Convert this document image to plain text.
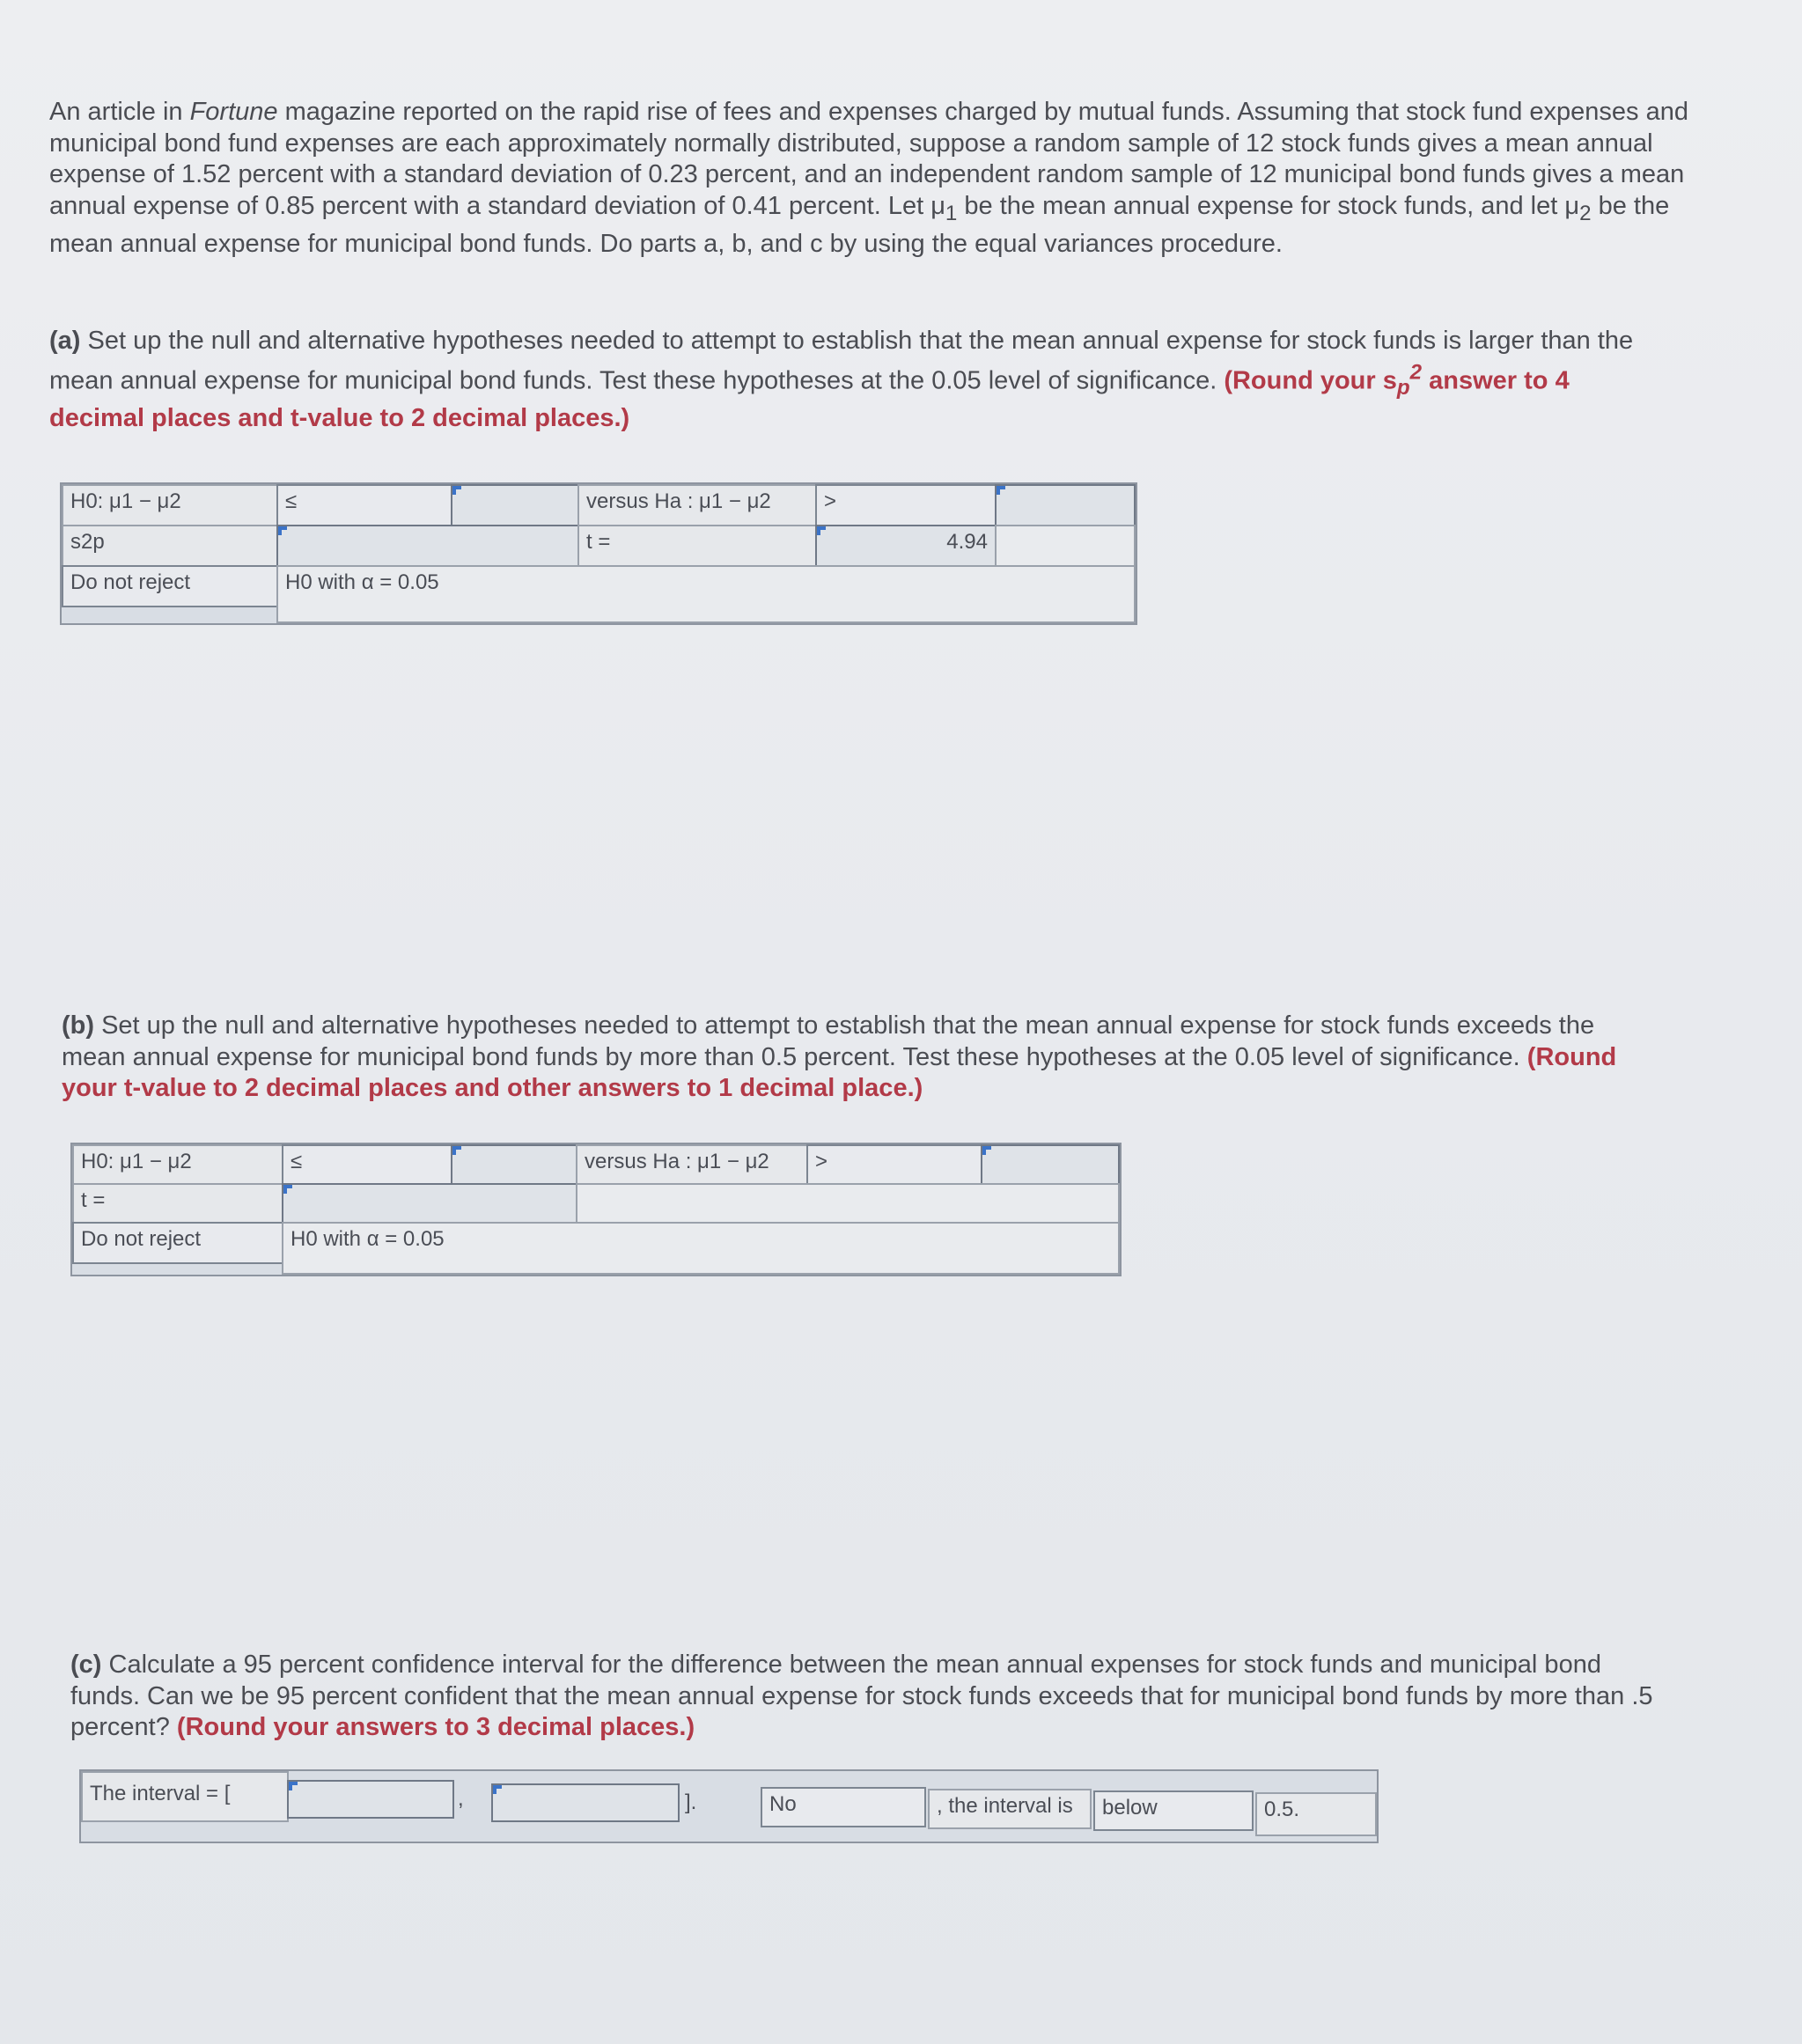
An article in Fortune magazine reported on the rapid rise of fees and expenses charged by mutual funds. Assuming that stock fund expenses and municipal bond fund expenses are each approximately normally distributed, suppose a random sample of 12 stock funds gives a mean annual expense of 1.52 percent with a standard deviation of 0.23 percent, and an independent random sample of 12 municipal bond funds gives a mean annual expense of 0.85 percent with a standard deviation of 0.41 percent. Let $\mu_1$ be the mean annual expense for stock funds, and let $\mu_2$ be the mean annual expense for municipal bond funds. Do parts a, b, and c by using the equal variances procedure.

(a) Set up the null and alternative hypotheses needed to attempt to establish that the mean annual expense for stock funds is larger than the mean annual expense for municipal bond funds. Test these hypotheses at the 0.05 level of significance. (Round your $s_p^2$ answer to 4 decimal places and t-value to 2 decimal places.)

H0: μ1 − μ2	≤	versus Ha : μ1 − μ2	>
s2p	t =	4.94
Do not reject	H0 with α = 0.05

(b) Set up the null and alternative hypotheses needed to attempt to establish that the mean annual expense for stock funds exceeds the mean annual expense for municipal bond funds by more than 0.5 percent. Test these hypotheses at the 0.05 level of significance. (Round your t-value to 2 decimal places and other answers to 1 decimal place.)

H0: μ1 − μ2	≤	versus Ha : μ1 − μ2	>
t =
Do not reject	H0 with α = 0.05

(c) Calculate a 95 percent confidence interval for the difference between the mean annual expenses for stock funds and municipal bond funds. Can we be 95 percent confident that the mean annual expense for stock funds exceeds that for municipal bond funds by more than .5 percent? (Round your answers to 3 decimal places.)

The interval = [	,	].	No	, the interval is	below	0.5.
